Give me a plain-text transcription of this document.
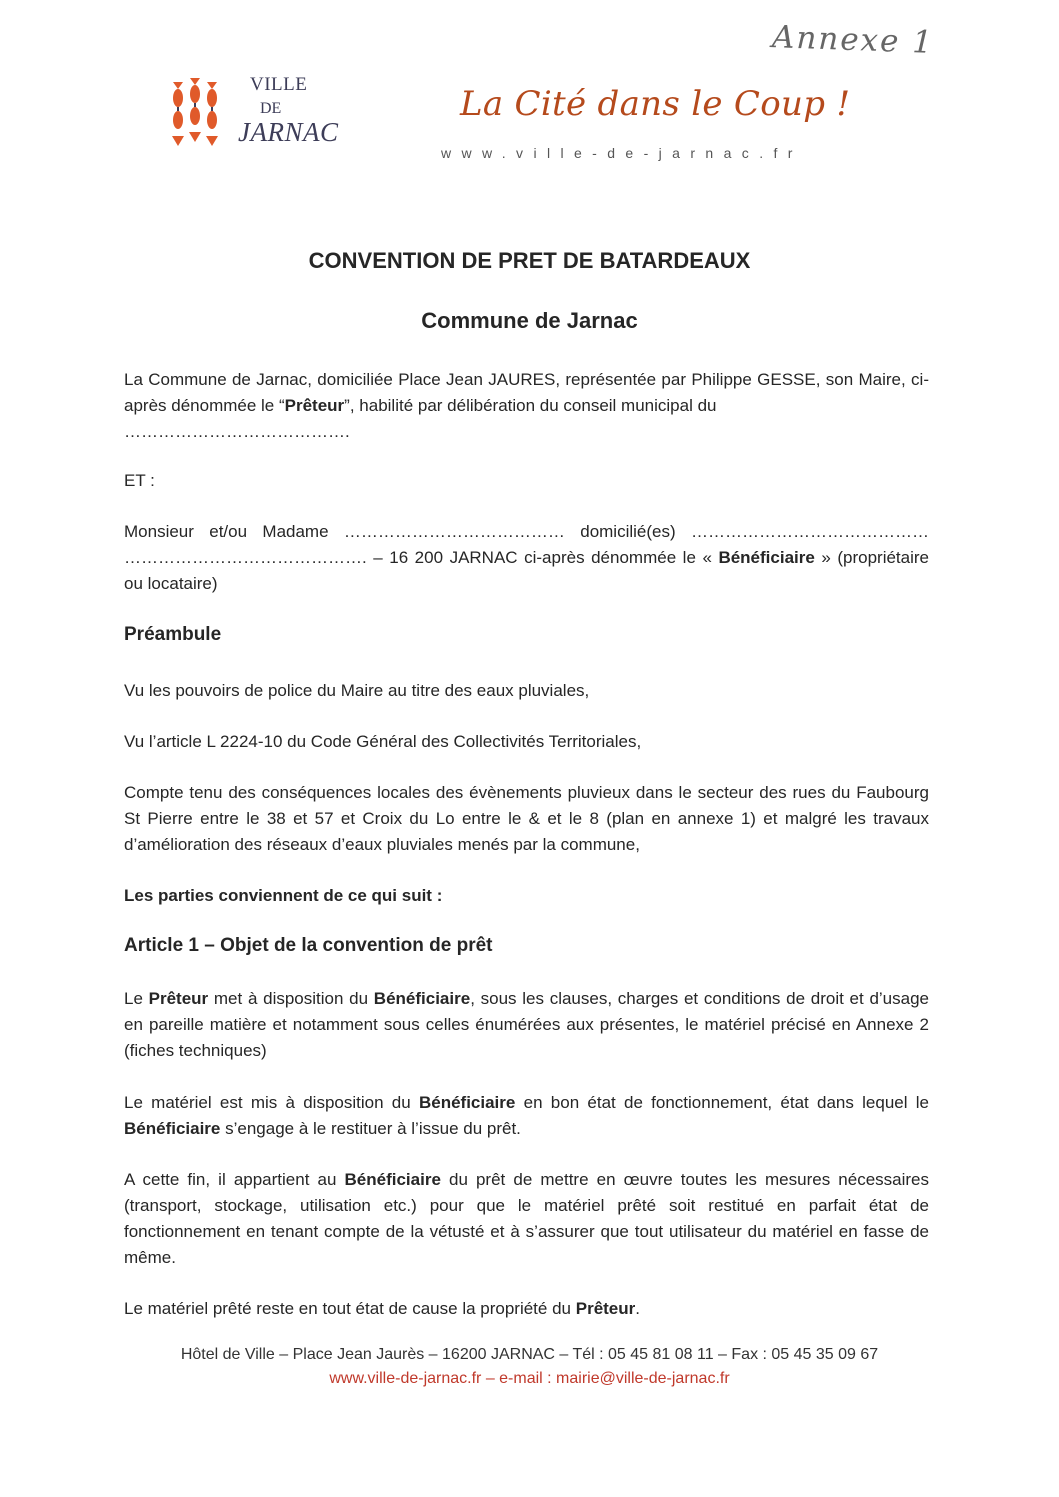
VILLE
DE
JARNAC
Annexe 1
La Cité dans le Coup !
www.ville-de-jarnac.fr
CONVENTION DE PRET DE BATARDEAUX
Commune de Jarnac
La Commune de Jarnac, domiciliée Place Jean JAURES, représentée par Philippe GESSE, son Maire, ci-après dénommée le “Prêteur”, habilité par délibération du conseil municipal du
………………………………….
ET :
Monsieur et/ou Madame ………………………………… domicilié(es) …………………………………… ……………………………………. – 16 200 JARNAC ci-après dénommée le « Bénéficiaire » (propriétaire ou locataire)
Préambule
Vu les pouvoirs de police du Maire au titre des eaux pluviales,
Vu l’article L 2224-10 du Code Général des Collectivités Territoriales,
Compte tenu des conséquences locales des évènements pluvieux dans le secteur des rues du Faubourg St Pierre entre le 38 et 57 et Croix du Lo entre le & et le 8 (plan en annexe 1) et malgré les travaux d’amélioration des réseaux d’eaux pluviales menés par la commune,
Les parties conviennent de ce qui suit :
Article 1 – Objet de la convention de prêt
Le Prêteur met à disposition du Bénéficiaire, sous les clauses, charges et conditions de droit et d’usage en pareille matière et notamment sous celles énumérées aux présentes, le matériel précisé en Annexe 2 (fiches techniques)
Le matériel est mis à disposition du Bénéficiaire en bon état de fonctionnement, état dans lequel le Bénéficiaire s’engage à le restituer à l’issue du prêt.
A cette fin, il appartient au Bénéficiaire du prêt de mettre en œuvre toutes les mesures nécessaires (transport, stockage, utilisation etc.) pour que le matériel prêté soit restitué en parfait état de fonctionnement en tenant compte de la vétusté et à s’assurer que tout utilisateur du matériel en fasse de même.
Le matériel prêté reste en tout état de cause la propriété du Prêteur.
Hôtel de Ville – Place Jean Jaurès – 16200 JARNAC – Tél : 05 45 81 08 11 – Fax : 05 45 35 09 67
www.ville-de-jarnac.fr – e-mail : mairie@ville-de-jarnac.fr
